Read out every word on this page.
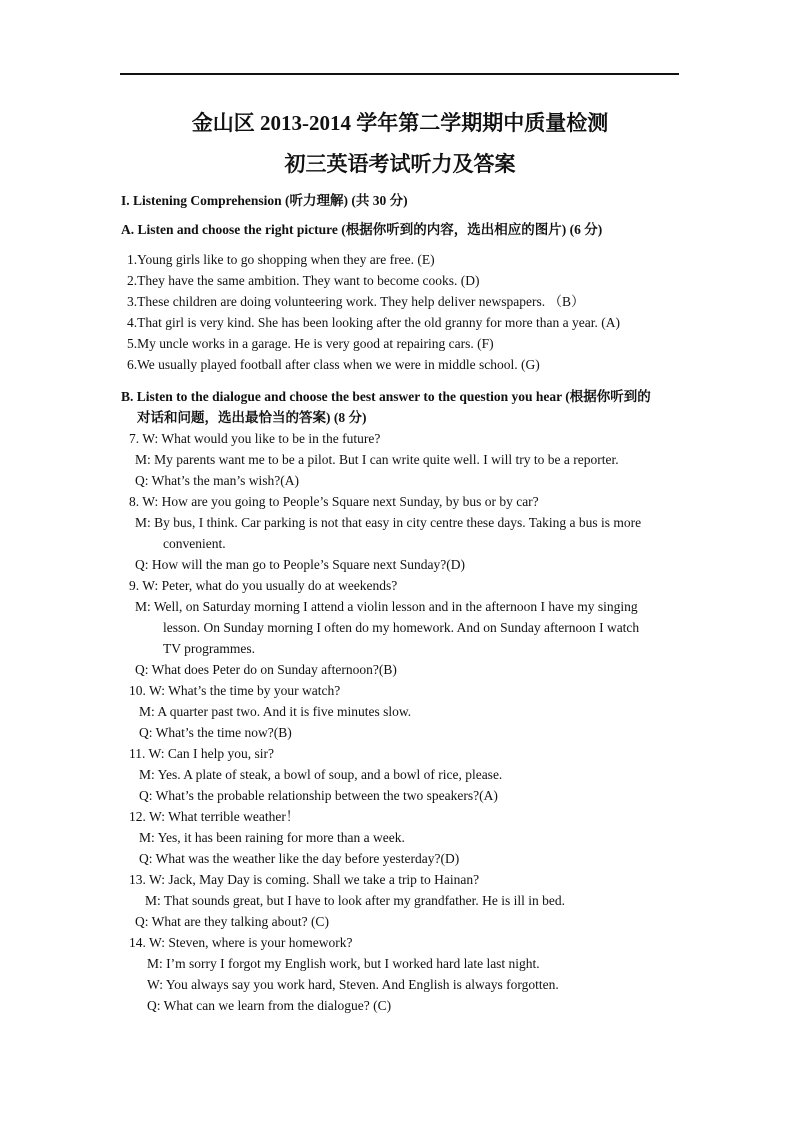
金山区 2013-2014 学年第二学期期中质量检测
初三英语考试听力及答案
I. Listening Comprehension (听力理解) (共 30 分)
A. Listen and choose the right picture (根据你听到的内容，选出相应的图片) (6 分)
1.Young girls like to go shopping when they are free. (E)
2.They have the same ambition. They want to become cooks. (D)
3.These children are doing volunteering work. They help deliver newspapers. （B）
4.That girl is very kind. She has been looking after the old granny for more than a year. (A)
5.My uncle works in a garage. He is very good at repairing cars. (F)
6.We usually played football after class when we were in middle school. (G)
B. Listen to the dialogue and choose the best answer to the question you hear (根据你听到的
对话和问题，选出最恰当的答案) (8 分)
7. W: What would you like to be in the future?
M: My parents want me to be a pilot. But I can write quite well. I will try to be a reporter.
Q: What’s the man’s wish?(A)
8. W: How are you going to People’s Square next Sunday, by bus or by car?
M: By bus, I think. Car parking is not that easy in city centre these days. Taking a bus is more
convenient.
Q: How will the man go to People’s Square next Sunday?(D)
9. W: Peter, what do you usually do at weekends?
M: Well, on Saturday morning I attend a violin lesson and in the afternoon I have my singing
lesson. On Sunday morning I often do my homework. And on Sunday afternoon I watch
TV programmes.
Q: What does Peter do on Sunday afternoon?(B)
10. W: What’s the time by your watch?
M: A quarter past two. And it is five minutes slow.
Q: What’s the time now?(B)
11. W: Can I help you, sir?
M: Yes. A plate of steak, a bowl of soup, and a bowl of rice, please.
Q: What’s the probable relationship between the two speakers?(A)
12. W: What terrible weather！
M: Yes, it has been raining for more than a week.
Q: What was the weather like the day before yesterday?(D)
13. W: Jack, May Day is coming. Shall we take a trip to Hainan?
M: That sounds great, but I have to look after my grandfather. He is ill in bed.
Q: What are they talking about? (C)
14. W: Steven, where is your homework?
M: I’m sorry I forgot my English work, but I worked hard late last night.
W: You always say you work hard, Steven. And English is always forgotten.
Q: What can we learn from the dialogue? (C)
